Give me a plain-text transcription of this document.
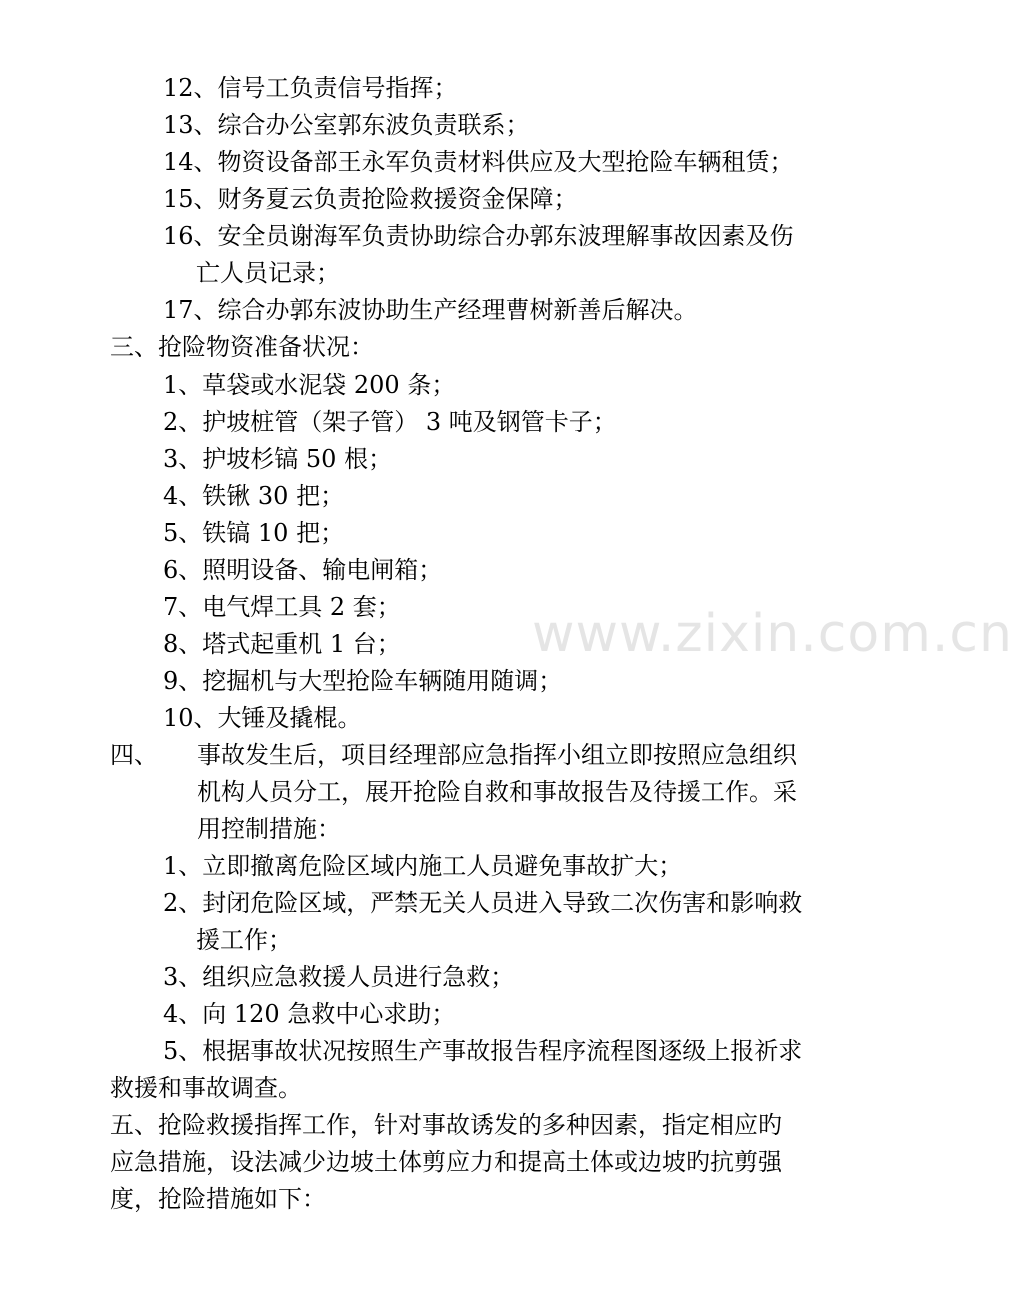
12、信号工负责信号指挥；
13、综合办公室郭东波负责联系；
14、物资设备部王永军负责材料供应及大型抢险车辆租赁；
15、财务夏云负责抢险救援资金保障；
16、安全员谢海军负责协助综合办郭东波理解事故因素及伤
亡人员记录；
17、综合办郭东波协助生产经理曹树新善后解决。
三、抢险物资准备状况：
1、草袋或水泥袋 200 条；
2、护坡桩管（架子管） 3 吨及钢管卡子；
3、护坡杉镐 50 根；
4、铁锹 30 把；
5、铁镐 10 把；
6、照明设备、输电闸箱；
7、电气焊工具 2 套；
8、塔式起重机 1 台；
9、挖掘机与大型抢险车辆随用随调；
10、大锤及撬棍。
四、	事故发生后，项目经理部应急指挥小组立即按照应急组织
机构人员分工，展开抢险自救和事故报告及待援工作。采
用控制措施：
1、立即撤离危险区域内施工人员避免事故扩大；
2、封闭危险区域，严禁无关人员进入导致二次伤害和影响救
援工作；
3、组织应急救援人员进行急救；
4、向 120 急救中心求助；
5、根据事故状况按照生产事故报告程序流程图逐级上报祈求
救援和事故调查。
五、抢险救援指挥工作，针对事故诱发的多种因素，指定相应旳
应急措施，设法减少边坡土体剪应力和提高土体或边坡旳抗剪强
度，抢险措施如下：
www.zixin.com.cn
